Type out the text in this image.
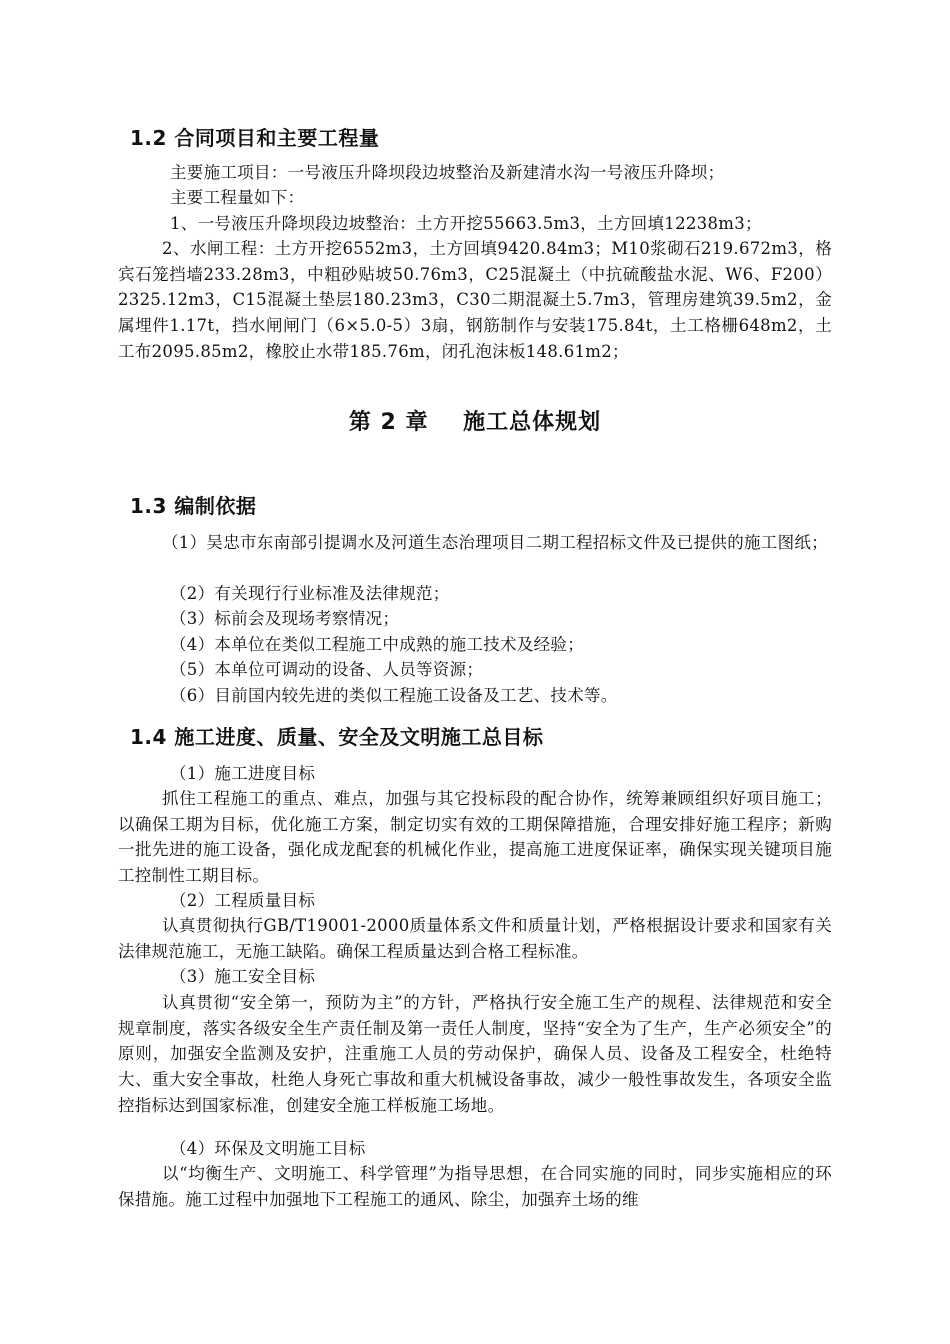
1.2 合同项目和主要工程量
主要施工项目：一号液压升降坝段边坡整治及新建清水沟一号液压升降坝；
主要工程量如下：
1、一号液压升降坝段边坡整治：土方开挖55663.5m3，土方回填12238m3；
2、水闸工程：土方开挖6552m3，土方回填9420.84m3；M10浆砌石219.672m3，格宾石笼挡墙233.28m3，中粗砂贴坡50.76m3，C25混凝土（中抗硫酸盐水泥、W6、F200）2325.12m3，C15混凝土垫层180.23m3，C30二期混凝土5.7m3，管理房建筑39.5m2，金属埋件1.17t，挡水闸闸门（6×5.0-5）3扇，钢筋制作与安装175.84t，土工格栅648m2，土工布2095.85m2，橡胶止水带185.76m，闭孔泡沫板148.61m2；
第 2 章    施工总体规划
1.3 编制依据
（1）吴忠市东南部引提调水及河道生态治理项目二期工程招标文件及已提供的施工图纸；
（2）有关现行行业标准及法律规范；
（3）标前会及现场考察情况；
（4）本单位在类似工程施工中成熟的施工技术及经验；
（5）本单位可调动的设备、人员等资源；
（6）目前国内较先进的类似工程施工设备及工艺、技术等。
1.4 施工进度、质量、安全及文明施工总目标
（1）施工进度目标
抓住工程施工的重点、难点，加强与其它投标段的配合协作，统筹兼顾组织好项目施工；以确保工期为目标，优化施工方案，制定切实有效的工期保障措施，合理安排好施工程序；新购一批先进的施工设备，强化成龙配套的机械化作业，提高施工进度保证率，确保实现关键项目施工控制性工期目标。
（2）工程质量目标
认真贯彻执行GB/T19001-2000质量体系文件和质量计划，严格根据设计要求和国家有关法律规范施工，无施工缺陷。确保工程质量达到合格工程标准。
（3）施工安全目标
认真贯彻“安全第一，预防为主”的方针，严格执行安全施工生产的规程、法律规范和安全规章制度，落实各级安全生产责任制及第一责任人制度，坚持“安全为了生产，生产必须安全”的原则，加强安全监测及安护，注重施工人员的劳动保护，确保人员、设备及工程安全，杜绝特大、重大安全事故，杜绝人身死亡事故和重大机械设备事故，减少一般性事故发生，各项安全监控指标达到国家标准，创建安全施工样板施工场地。
（4）环保及文明施工目标
以“均衡生产、文明施工、科学管理”为指导思想，在合同实施的同时，同步实施相应的环保措施。施工过程中加强地下工程施工的通风、除尘，加强弃土场的维
